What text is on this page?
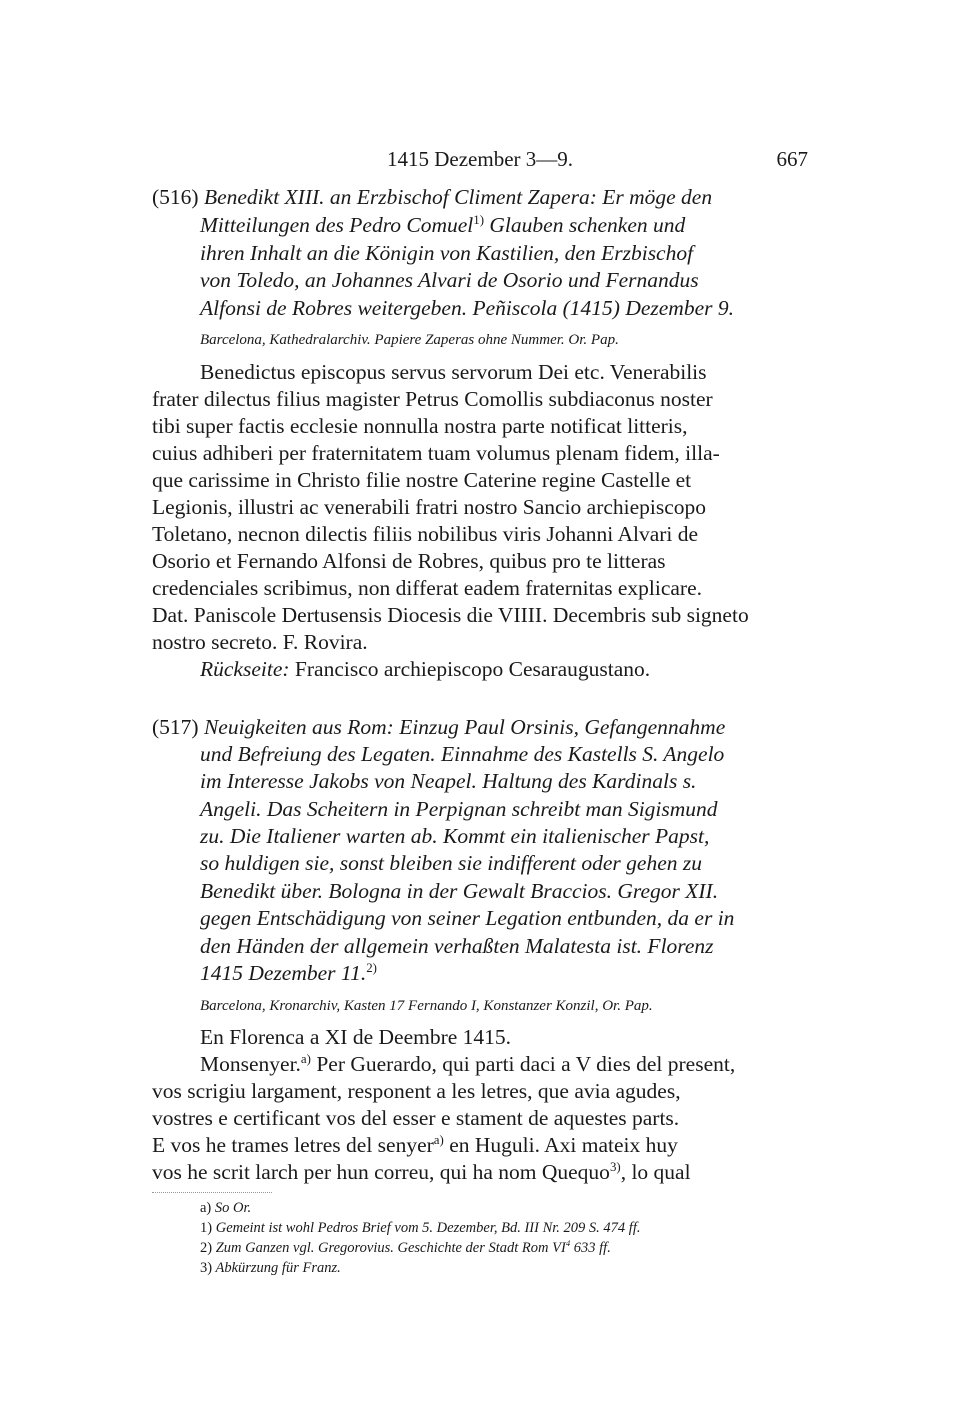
1415 Dezember 3—9.	667
(516) Benedikt XIII. an Erzbischof Climent Zapera: Er möge den
Mitteilungen des Pedro Comuel$^{1)}$ Glauben schenken und
ihren Inhalt an die Königin von Kastilien, den Erzbischof
von Toledo, an Johannes Alvari de Osorio und Fernandus
Alfonsi de Robres weitergeben. Peñiscola (1415) Dezember 9.
Barcelona, Kathedralarchiv. Papiere Zaperas ohne Nummer. Or. Pap.
Benedictus episcopus servus servorum Dei etc. Venerabilis
frater dilectus filius magister Petrus Comollis subdiaconus noster
tibi super factis ecclesie nonnulla nostra parte notificat litteris,
cuius adhiberi per fraternitatem tuam volumus plenam fidem, illa-
que carissime in Christo filie nostre Caterine regine Castelle et
Legionis, illustri ac venerabili fratri nostro Sancio archiepiscopo
Toletano, necnon dilectis filiis nobilibus viris Johanni Alvari de
Osorio et Fernando Alfonsi de Robres, quibus pro te litteras
credenciales scribimus, non differat eadem fraternitas explicare.
Dat. Paniscole Dertusensis Diocesis die VIIII. Decembris sub signeto
nostro secreto. F. Rovira.
Rückseite: Francisco archiepiscopo Cesaraugustano.
(517) Neuigkeiten aus Rom: Einzug Paul Orsinis, Gefangennahme
und Befreiung des Legaten. Einnahme des Kastells S. Angelo
im Interesse Jakobs von Neapel. Haltung des Kardinals s.
Angeli. Das Scheitern in Perpignan schreibt man Sigismund
zu. Die Italiener warten ab. Kommt ein italienischer Papst,
so huldigen sie, sonst bleiben sie indifferent oder gehen zu
Benedikt über. Bologna in der Gewalt Braccios. Gregor XII.
gegen Entschädigung von seiner Legation entbunden, da er in
den Händen der allgemein verhaßten Malatesta ist. Florenz
1415 Dezember 11.$^{2)}$
Barcelona, Kronarchiv, Kasten 17 Fernando I, Konstanzer Konzil, Or. Pap.
En Florenca a XI de Deembre 1415.
Monsenyer.$^{a)}$ Per Guerardo, qui parti daci a V dies del present,
vos scrigiu largament, responent a les letres, que avia agudes,
vostres e certificant vos del esser e stament de aquestes parts.
E vos he trames letres del senyer$^{a)}$ en Huguli. Axi mateix huy
vos he scrit larch per hun correu, qui ha nom Quequo$^{3)}$, lo qual
a) So Or.
1) Gemeint ist wohl Pedros Brief vom 5. Dezember, Bd. III Nr. 209 S. 474 ff.
2) Zum Ganzen vgl. Gregorovius. Geschichte der Stadt Rom $VI^4$ 633 ff.
3) Abkürzung für Franz.
